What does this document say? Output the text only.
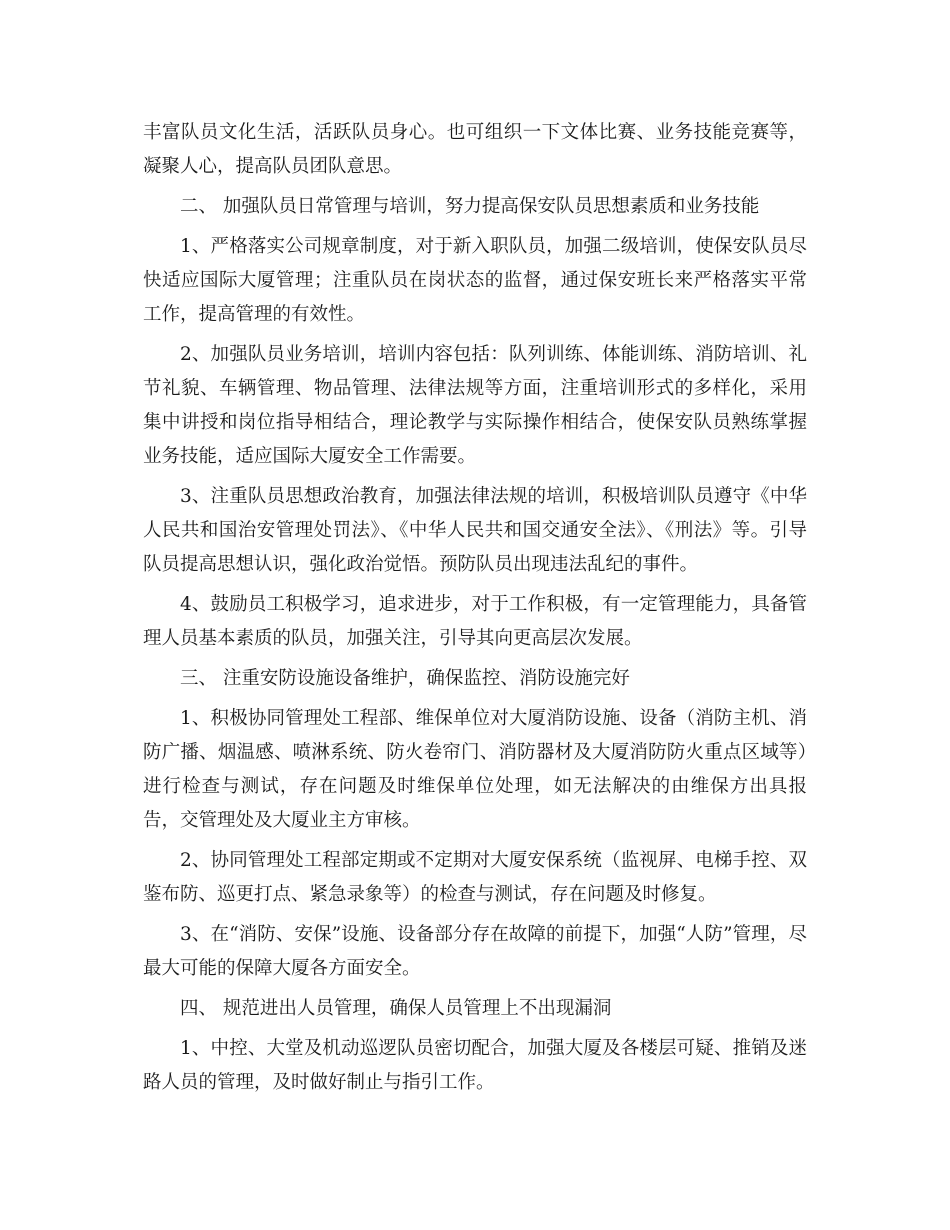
丰富队员文化生活，活跃队员身心。也可组织一下文体比赛、业务技能竞赛等，凝聚人心，提高队员团队意思。

二、 加强队员日常管理与培训，努力提高保安队员思想素质和业务技能

1、严格落实公司规章制度，对于新入职队员，加强二级培训，使保安队员尽快适应国际大厦管理；注重队员在岗状态的监督，通过保安班长来严格落实平常工作，提高管理的有效性。

2、加强队员业务培训，培训内容包括：队列训练、体能训练、消防培训、礼节礼貌、车辆管理、物品管理、法律法规等方面，注重培训形式的多样化，采用集中讲授和岗位指导相结合，理论教学与实际操作相结合，使保安队员熟练掌握业务技能，适应国际大厦安全工作需要。

3、注重队员思想政治教育，加强法律法规的培训，积极培训队员遵守《中华人民共和国治安管理处罚法》、《中华人民共和国交通安全法》、《刑法》等。引导队员提高思想认识，强化政治觉悟。预防队员出现违法乱纪的事件。

4、鼓励员工积极学习，追求进步，对于工作积极，有一定管理能力，具备管理人员基本素质的队员，加强关注，引导其向更高层次发展。

三、 注重安防设施设备维护，确保监控、消防设施完好

1、积极协同管理处工程部、维保单位对大厦消防设施、设备（消防主机、消防广播、烟温感、喷淋系统、防火卷帘门、消防器材及大厦消防防火重点区域等）进行检查与测试，存在问题及时维保单位处理，如无法解决的由维保方出具报告，交管理处及大厦业主方审核。

2、协同管理处工程部定期或不定期对大厦安保系统（监视屏、电梯手控、双鉴布防、巡更打点、紧急录象等）的检查与测试，存在问题及时修复。

3、在“消防、安保”设施、设备部分存在故障的前提下，加强“人防”管理，尽最大可能的保障大厦各方面安全。

四、 规范进出人员管理，确保人员管理上不出现漏洞

1、中控、大堂及机动巡逻队员密切配合，加强大厦及各楼层可疑、推销及迷路人员的管理，及时做好制止与指引工作。
